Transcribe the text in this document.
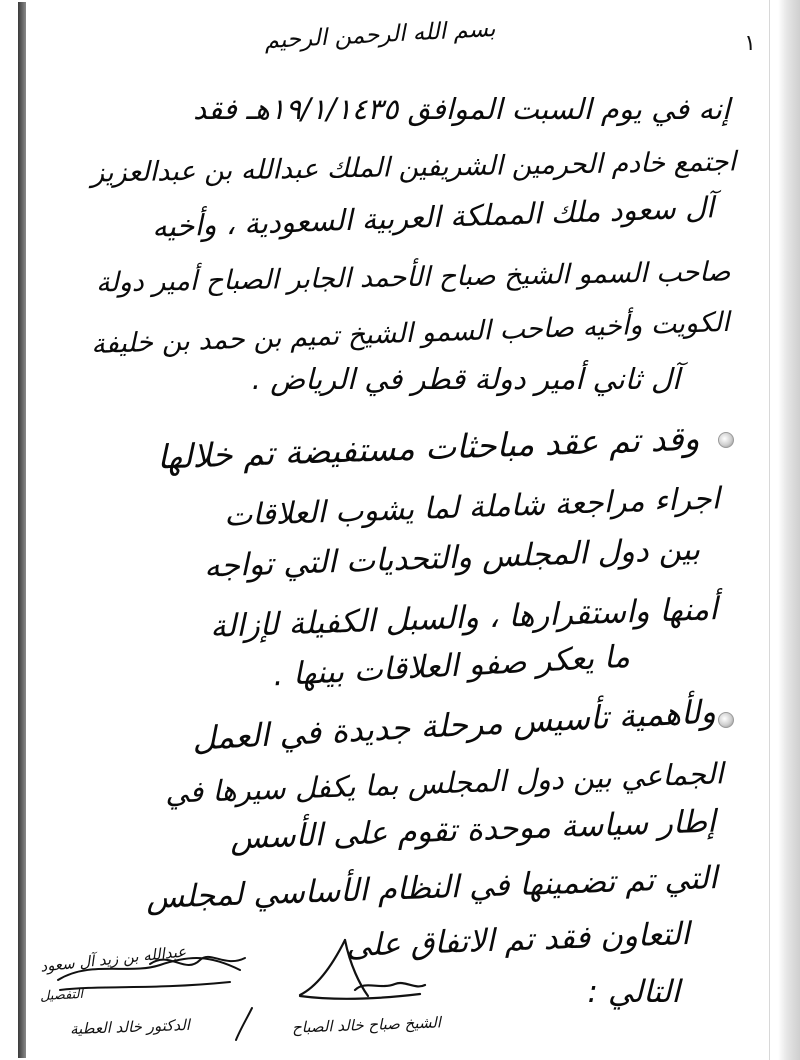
١
بسم الله الرحمن الرحيم
إنه في يوم السبت الموافق ١٩/١/١٤٣٥هـ فقد
اجتمع خادم الحرمين الشريفين الملك عبدالله بن عبدالعزيز
آل سعود ملك المملكة العربية السعودية ، وأخيه
صاحب السمو الشيخ صباح الأحمد الجابر الصباح أمير دولة
الكويت وأخيه صاحب السمو الشيخ تميم بن حمد بن خليفة
آل ثاني أمير دولة قطر في الرياض .
وقد تم عقد مباحثات مستفيضة تم خلالها
اجراء مراجعة شاملة لما يشوب العلاقات
بين دول المجلس والتحديات التي تواجه
أمنها واستقرارها ، والسبل الكفيلة لإزالة
ما يعكر صفو العلاقات بينها .
ولأهمية تأسيس مرحلة جديدة في العمل
الجماعي بين دول المجلس بما يكفل سيرها في
إطار سياسة موحدة تقوم على الأسس
التي تم تضمينها في النظام الأساسي لمجلس
التعاون فقد تم الاتفاق على
التالي :
عبدالله بن زيد آل سعود
التفصيل
الدكتور خالد العطية	الشيخ صباح خالد الصباح
